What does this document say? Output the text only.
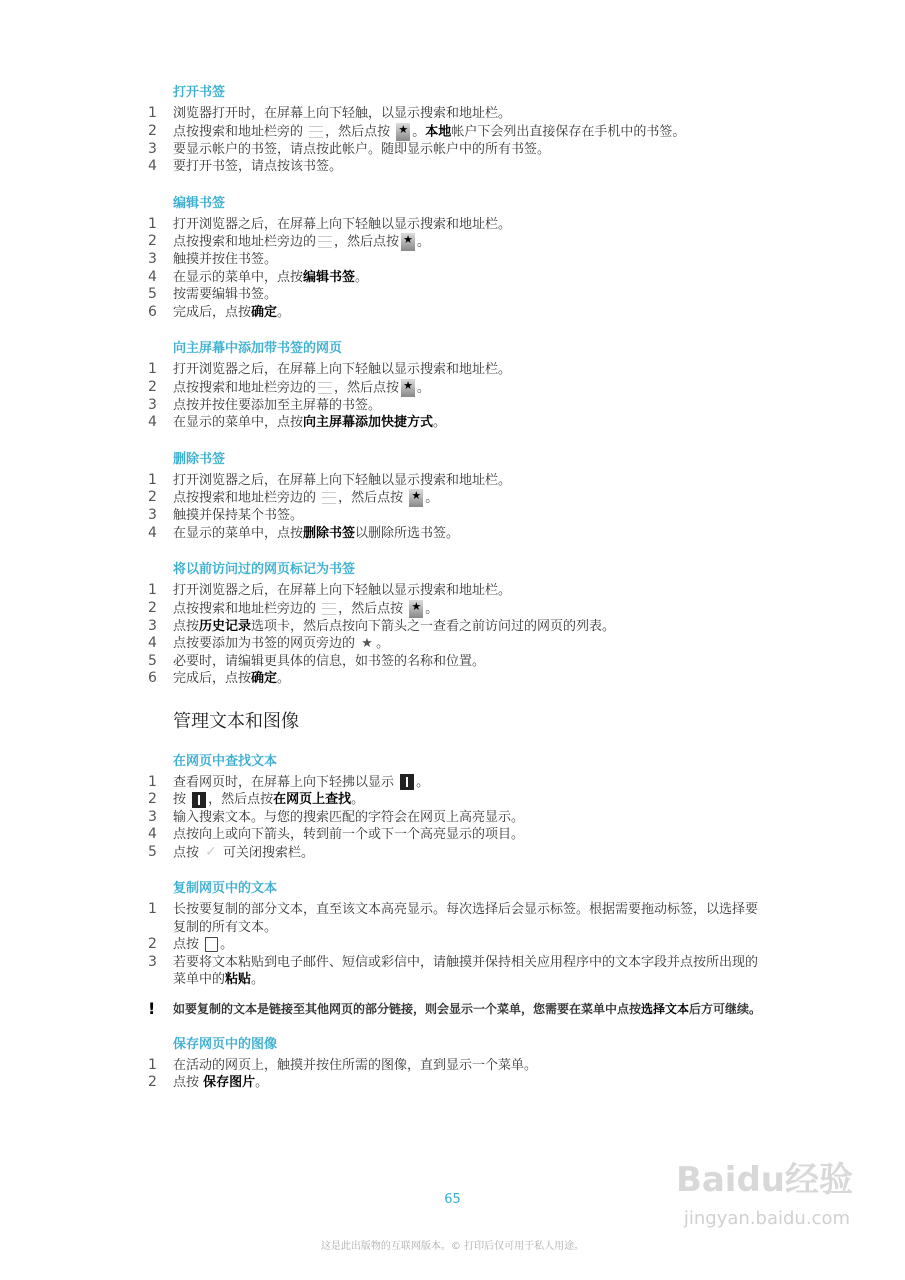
打开书签
1	浏览器打开时，在屏幕上向下轻触，以显示搜索和地址栏。
2	点按搜索和地址栏旁的 ，然后点按 ★ 。本地帐户下会列出直接保存在手机中的书签。
3	要显示帐户的书签，请点按此帐户。随即显示帐户中的所有书签。
4	要打开书签，请点按该书签。
编辑书签
1	打开浏览器之后，在屏幕上向下轻触以显示搜索和地址栏。
2	点按搜索和地址栏旁边的 ，然后点按 ★ 。
3	触摸并按住书签。
4	在显示的菜单中，点按编辑书签。
5	按需要编辑书签。
6	完成后，点按确定。
向主屏幕中添加带书签的网页
1	打开浏览器之后，在屏幕上向下轻触以显示搜索和地址栏。
2	点按搜索和地址栏旁边的 ，然后点按 ★ 。
3	点按并按住要添加至主屏幕的书签。
4	在显示的菜单中，点按向主屏幕添加快捷方式。
删除书签
1	打开浏览器之后，在屏幕上向下轻触以显示搜索和地址栏。
2	点按搜索和地址栏旁边的 ，然后点按 ★ 。
3	触摸并保持某个书签。
4	在显示的菜单中，点按删除书签以删除所选书签。
将以前访问过的网页标记为书签
1	打开浏览器之后，在屏幕上向下轻触以显示搜索和地址栏。
2	点按搜索和地址栏旁边的 ，然后点按 ★ 。
3	点按历史记录选项卡，然后点按向下箭头之一查看之前访问过的网页的列表。
4	点按要添加为书签的网页旁边的 ★ 。
5	必要时，请编辑更具体的信息，如书签的名称和位置。
6	完成后，点按确定。
管理文本和图像
在网页中查找文本
1	查看网页时，在屏幕上向下轻拂以显示 。
2	按 ，然后点按在网页上查找。
3	输入搜索文本。与您的搜索匹配的字符会在网页上高亮显示。
4	点按向上或向下箭头，转到前一个或下一个高亮显示的项目。
5	点按 ✓ 可关闭搜索栏。
复制网页中的文本
1	长按要复制的部分文本，直至该文本高亮显示。每次选择后会显示标签。根据需要拖动标签，以选择要复制的所有文本。
2	点按 。
3	若要将文本粘贴到电子邮件、短信或彩信中，请触摸并保持相关应用程序中的文本字段并点按所出现的菜单中的粘贴。
!	如要复制的文本是链接至其他网页的部分链接，则会显示一个菜单，您需要在菜单中点按选择文本后方可继续。
保存网页中的图像
1	在活动的网页上，触摸并按住所需的图像，直到显示一个菜单。
2	点按 保存图片。
65
这是此出版物的互联网版本。© 打印后仅可用于私人用途。
Baidu经验
jingyan.baidu.com
